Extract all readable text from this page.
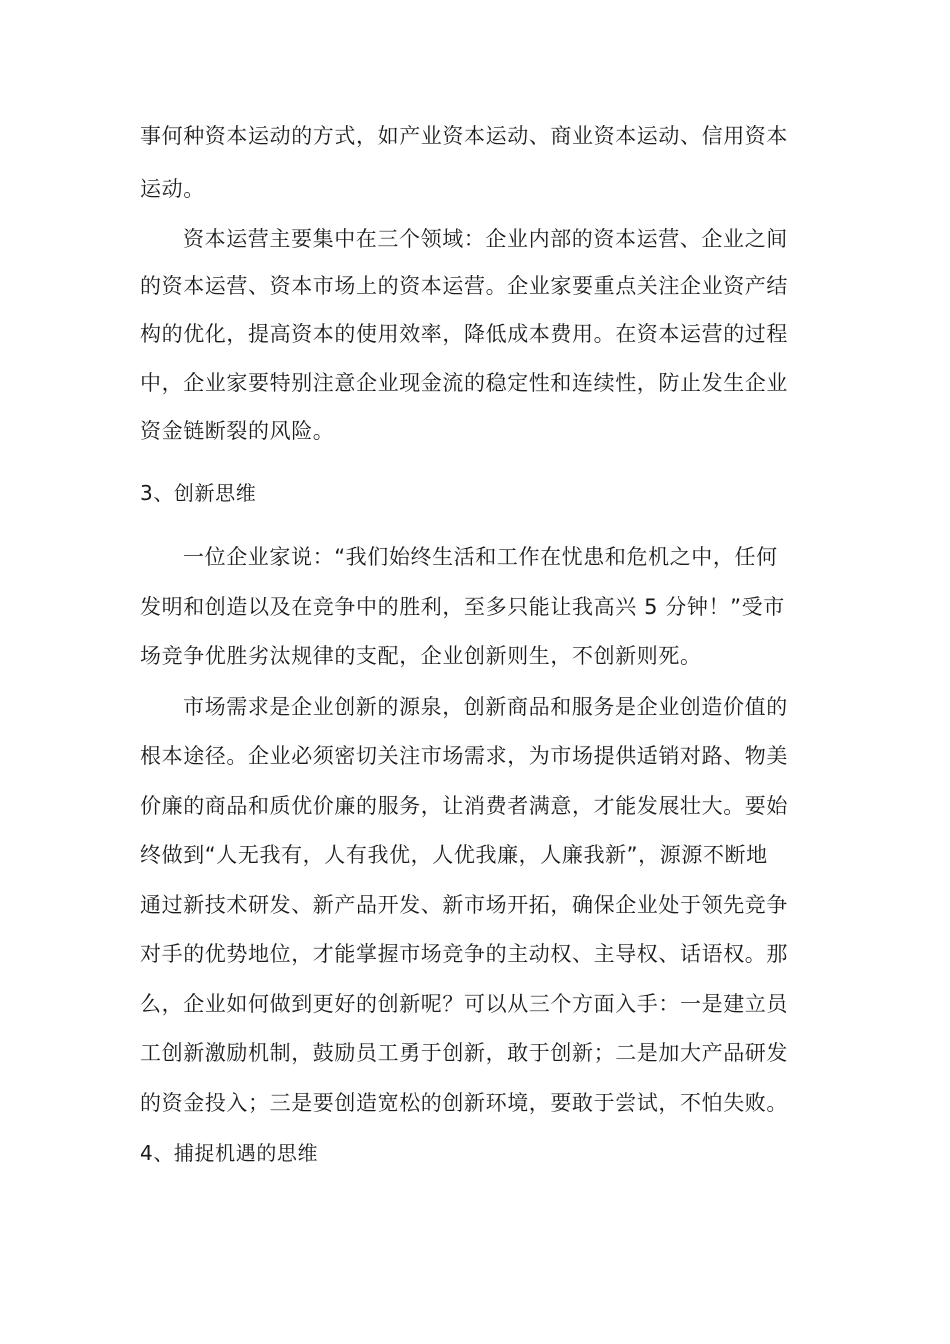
事何种资本运动的方式，如产业资本运动、商业资本运动、信用资本
运动。
资本运营主要集中在三个领域：企业内部的资本运营、企业之间
的资本运营、资本市场上的资本运营。企业家要重点关注企业资产结
构的优化，提高资本的使用效率，降低成本费用。在资本运营的过程
中，企业家要特别注意企业现金流的稳定性和连续性，防止发生企业
资金链断裂的风险。
3、创新思维
一位企业家说：“我们始终生活和工作在忧患和危机之中，任何
发明和创造以及在竞争中的胜利，至多只能让我高兴 5 分钟！”受市
场竞争优胜劣汰规律的支配，企业创新则生，不创新则死。
市场需求是企业创新的源泉，创新商品和服务是企业创造价值的
根本途径。企业必须密切关注市场需求，为市场提供适销对路、物美
价廉的商品和质优价廉的服务，让消费者满意，才能发展壮大。要始
终做到“人无我有，人有我优，人优我廉，人廉我新”，源源不断地
通过新技术研发、新产品开发、新市场开拓，确保企业处于领先竞争
对手的优势地位，才能掌握市场竞争的主动权、主导权、话语权。那
么，企业如何做到更好的创新呢？可以从三个方面入手：一是建立员
工创新激励机制，鼓励员工勇于创新，敢于创新；二是加大产品研发
的资金投入；三是要创造宽松的创新环境，要敢于尝试，不怕失败。
4、捕捉机遇的思维
